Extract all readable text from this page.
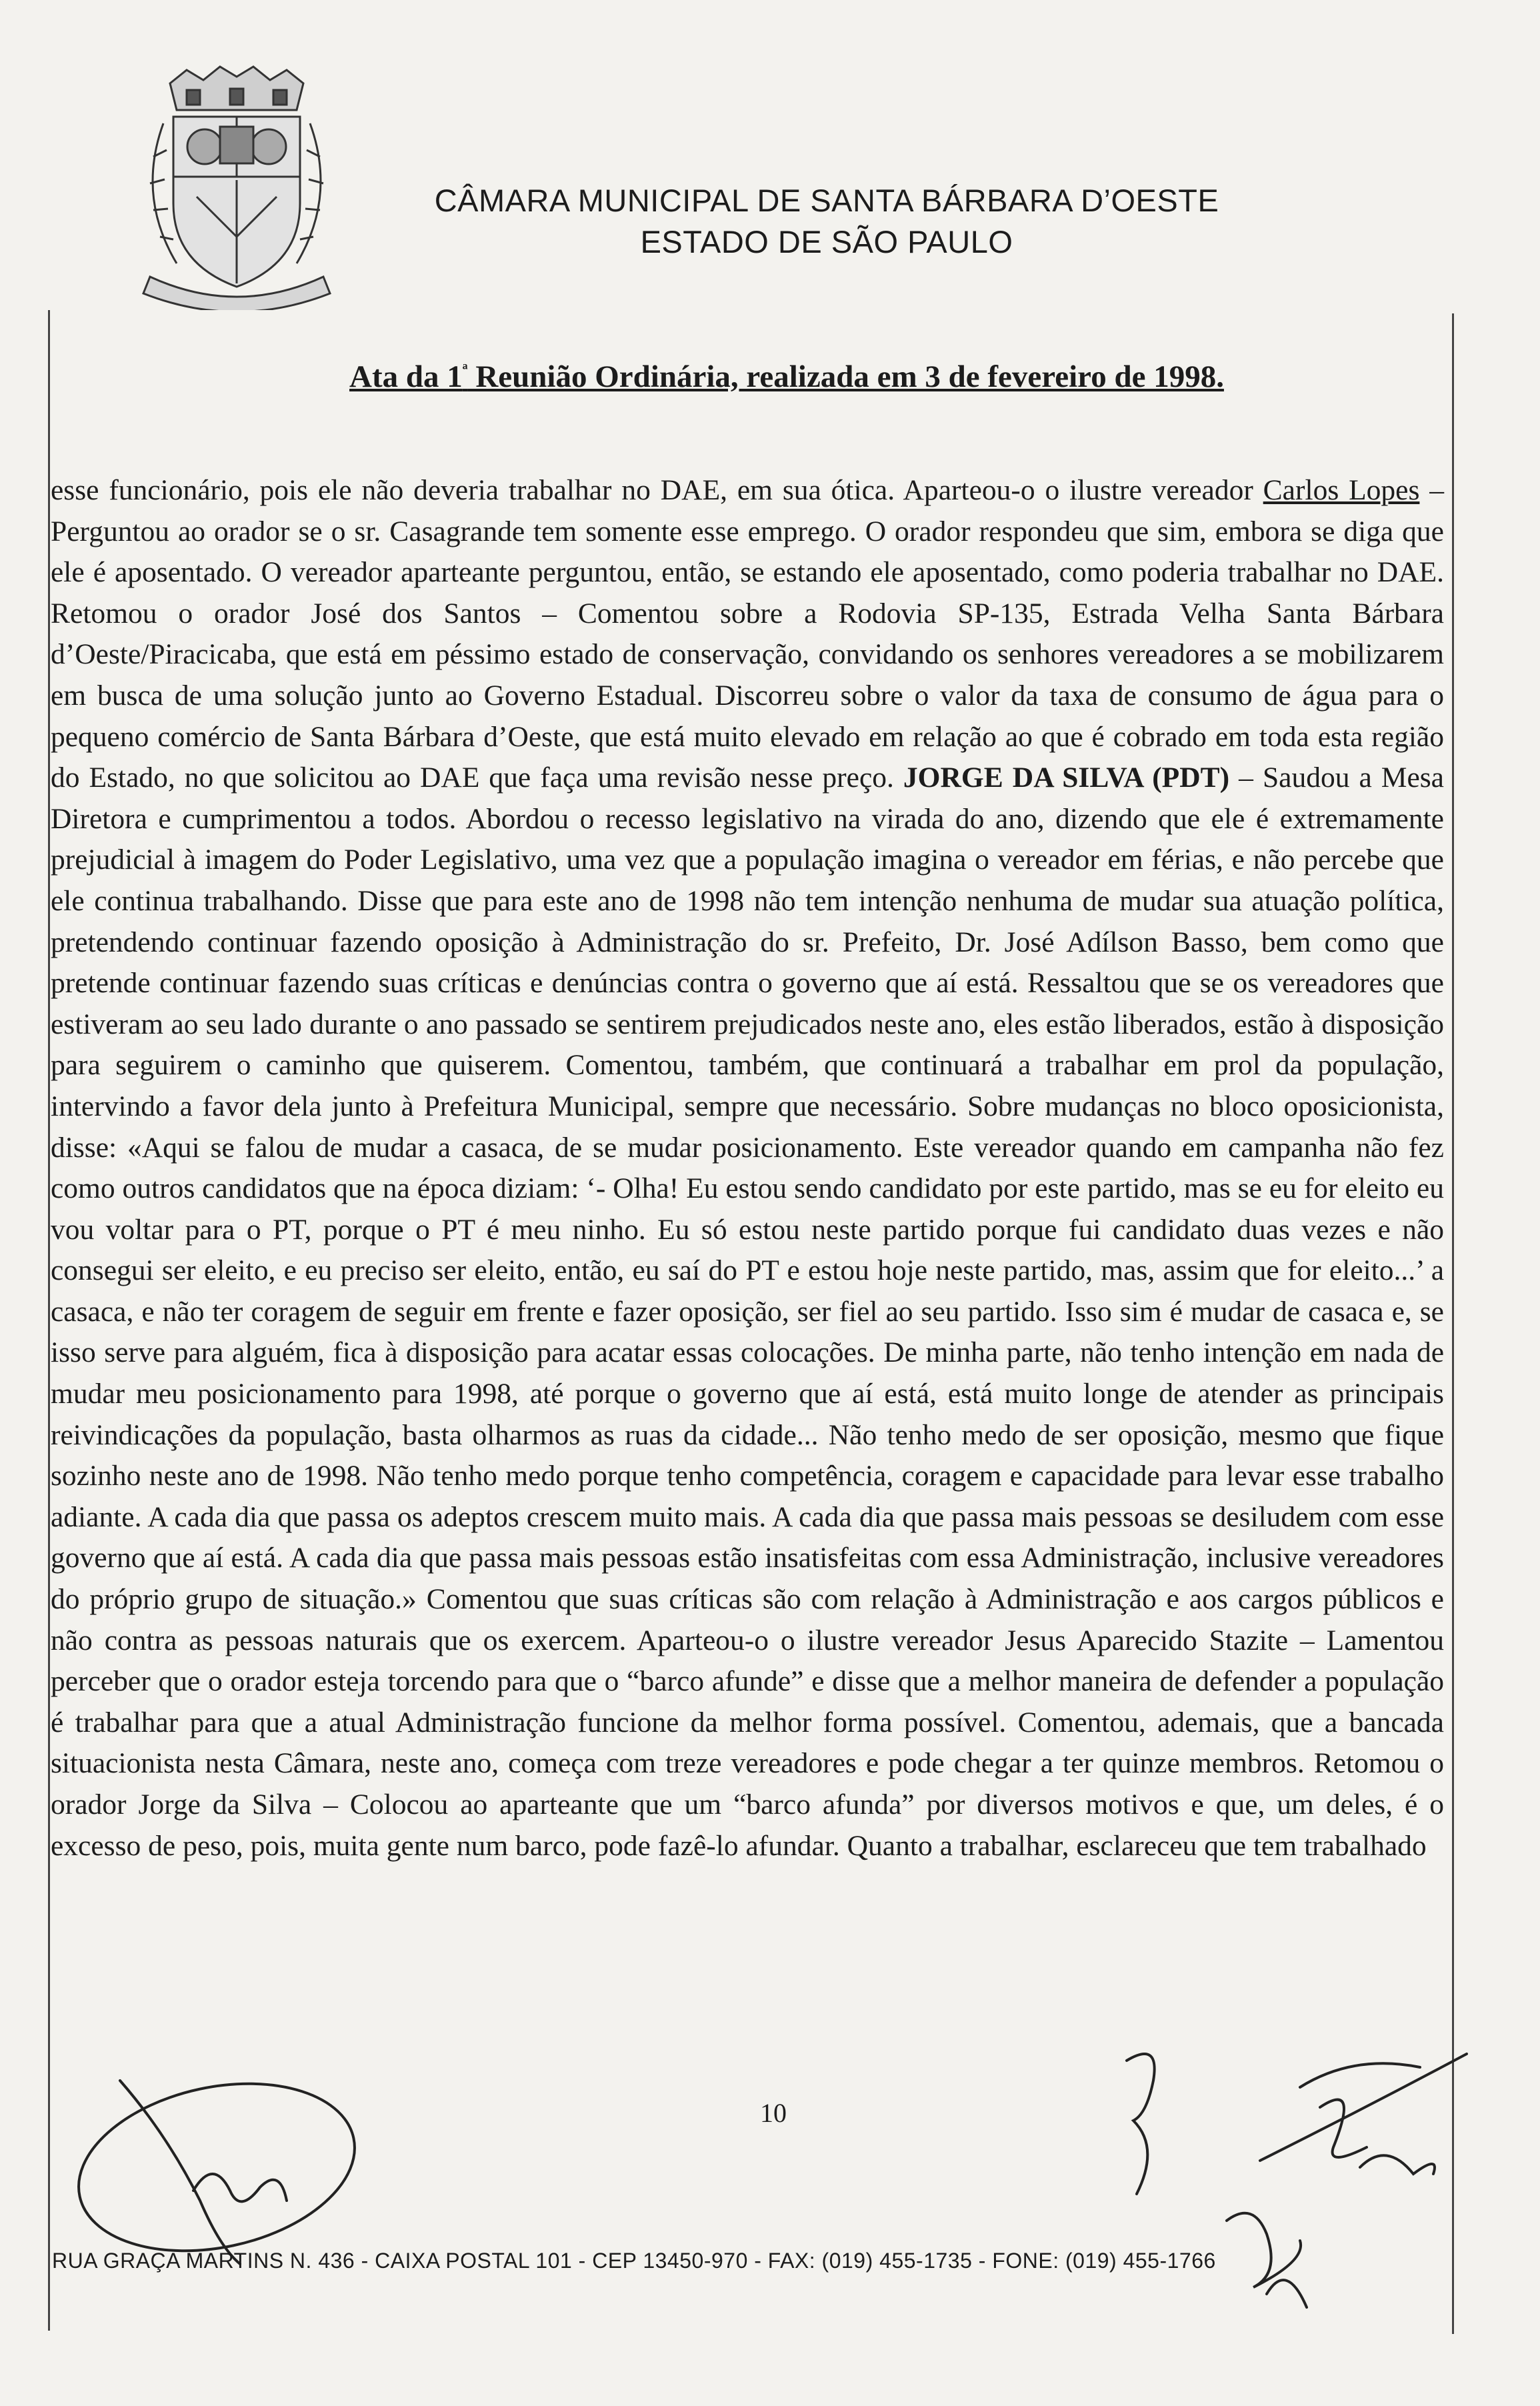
CÂMARA MUNICIPAL DE SANTA BÁRBARA D’OESTE
ESTADO DE SÃO PAULO
Ata da $1^ª$ Reunião Ordinária, realizada em 3 de fevereiro de 1998.

esse funcionário, pois ele não deveria trabalhar no DAE, em sua ótica. Aparteou-o o ilustre vereador Carlos Lopes – Perguntou ao orador se o sr. Casagrande tem somente esse emprego. O orador respondeu que sim, embora se diga que ele é aposentado. O vereador aparteante perguntou, então, se estando ele aposentado, como poderia trabalhar no DAE. Retomou o orador José dos Santos – Comentou sobre a Rodovia SP-135, Estrada Velha Santa Bárbara d’Oeste/Piracicaba, que está em péssimo estado de conservação, convidando os senhores vereadores a se mobilizarem em busca de uma solução junto ao Governo Estadual. Discorreu sobre o valor da taxa de consumo de água para o pequeno comércio de Santa Bárbara d’Oeste, que está muito elevado em relação ao que é cobrado em toda esta região do Estado, no que solicitou ao DAE que faça uma revisão nesse preço. JORGE DA SILVA (PDT) – Saudou a Mesa Diretora e cumprimentou a todos. Abordou o recesso legislativo na virada do ano, dizendo que ele é extremamente prejudicial à imagem do Poder Legislativo, uma vez que a população imagina o vereador em férias, e não percebe que ele continua trabalhando. Disse que para este ano de 1998 não tem intenção nenhuma de mudar sua atuação política, pretendendo continuar fazendo oposição à Administração do sr. Prefeito, Dr. José Adílson Basso, bem como que pretende continuar fazendo suas críticas e denúncias contra o governo que aí está. Ressaltou que se os vereadores que estiveram ao seu lado durante o ano passado se sentirem prejudicados neste ano, eles estão liberados, estão à disposição para seguirem o caminho que quiserem. Comentou, também, que continuará a trabalhar em prol da população, intervindo a favor dela junto à Prefeitura Municipal, sempre que necessário. Sobre mudanças no bloco oposicionista, disse: «Aqui se falou de mudar a casaca, de se mudar posicionamento. Este vereador quando em campanha não fez como outros candidatos que na época diziam: ‘- Olha! Eu estou sendo candidato por este partido, mas se eu for eleito eu vou voltar para o PT, porque o PT é meu ninho. Eu só estou neste partido porque fui candidato duas vezes e não consegui ser eleito, e eu preciso ser eleito, então, eu saí do PT e estou hoje neste partido, mas, assim que for eleito...’ a casaca, e não ter coragem de seguir em frente e fazer oposição, ser fiel ao seu partido. Isso sim é mudar de casaca e, se isso serve para alguém, fica à disposição para acatar essas colocações. De minha parte, não tenho intenção em nada de mudar meu posicionamento para 1998, até porque o governo que aí está, está muito longe de atender as principais reivindicações da população, basta olharmos as ruas da cidade... Não tenho medo de ser oposição, mesmo que fique sozinho neste ano de 1998. Não tenho medo porque tenho competência, coragem e capacidade para levar esse trabalho adiante. A cada dia que passa os adeptos crescem muito mais. A cada dia que passa mais pessoas se desiludem com esse governo que aí está. A cada dia que passa mais pessoas estão insatisfeitas com essa Administração, inclusive vereadores do próprio grupo de situação.» Comentou que suas críticas são com relação à Administração e aos cargos públicos e não contra as pessoas naturais que os exercem. Aparteou-o o ilustre vereador Jesus Aparecido Stazite – Lamentou perceber que o orador esteja torcendo para que o “barco afunde” e disse que a melhor maneira de defender a população é trabalhar para que a atual Administração funcione da melhor forma possível. Comentou, ademais, que a bancada situacionista nesta Câmara, neste ano, começa com treze vereadores e pode chegar a ter quinze membros. Retomou o orador Jorge da Silva – Colocou ao aparteante que um “barco afunda” por diversos motivos e que, um deles, é o excesso de peso, pois, muita gente num barco, pode fazê-lo afundar. Quanto a trabalhar, esclareceu que tem trabalhado

10
RUA GRAÇA MARTINS N. 436 - CAIXA POSTAL 101 - CEP 13450-970 - FAX: (019) 455-1735 - FONE: (019) 455-1766
